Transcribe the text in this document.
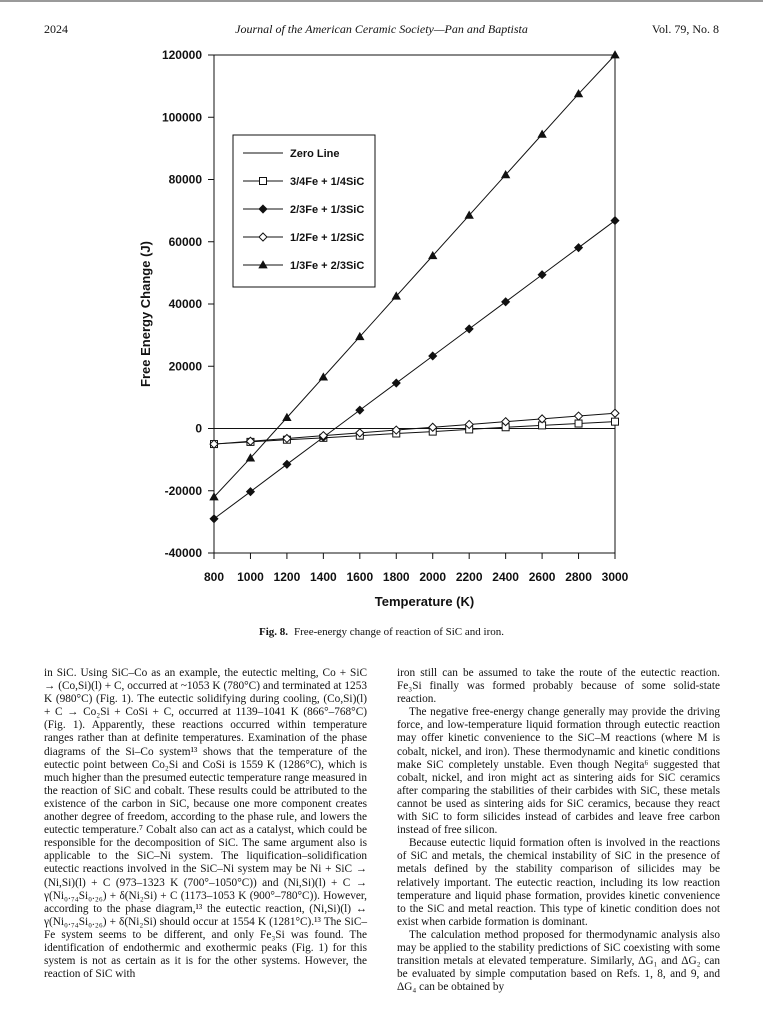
2024	Journal of the American Ceramic Society—Pan and Baptista	Vol. 79, No. 8
120000
100000
80000
60000
40000
20000
0
-20000
-40000
800 1000 1200 1400 1600 1800 2000 2200 2400 2600 2800 3000
Temperature (K)
Free Energy Change (J)
Zero Line
3/4Fe + 1/4SiC
2/3Fe + 1/3SiC
1/2Fe + 1/2SiC
1/3Fe + 2/3SiC
Fig. 8. Free-energy change of reaction of SiC and iron.

in SiC. Using SiC–Co as an example, the eutectic melting, Co + SiC → (Co,Si)(l) + C, occurred at ~1053 K (780°C) and terminated at 1253 K (980°C) (Fig. 1). The eutectic solidifying during cooling, (Co,Si)(l) + C → Co₂Si + CoSi + C, occurred at 1139–1041 K (866°–768°C) (Fig. 1). Apparently, these reactions occurred within temperature ranges rather than at definite temperatures. Examination of the phase diagrams of the Si–Co system¹³ shows that the temperature of the eutectic point between Co₂Si and CoSi is 1559 K (1286°C), which is much higher than the presumed eutectic temperature range measured in the reaction of SiC and cobalt. These results could be attributed to the existence of the carbon in SiC, because one more component creates another degree of freedom, according to the phase rule, and lowers the eutectic temperature.⁷ Cobalt also can act as a catalyst, which could be responsible for the decomposition of SiC. The same argument also is applicable to the SiC–Ni system. The liquification–solidification eutectic reactions involved in the SiC–Ni system may be Ni + SiC → (Ni,Si)(l) + C (973–1323 K (700°–1050°C)) and (Ni,Si)(l) + C → γ(Ni₀.₇₄Si₀.₂₆) + δ(Ni₂Si) + C (1173–1053 K (900°–780°C)). However, according to the phase diagram,¹³ the eutectic reaction, (Ni,Si)(l) ↔ γ(Ni₀.₇₄Si₀.₂₆) + δ(Ni₂Si) should occur at 1554 K (1281°C).¹³ The SiC–Fe system seems to be different, and only Fe₃Si was found. The identification of endothermic and exothermic peaks (Fig. 1) for this system is not as certain as it is for the other systems. However, the reaction of SiC with

iron still can be assumed to take the route of the eutectic reaction. Fe₃Si finally was formed probably because of some solid-state reaction.

The negative free-energy change generally may provide the driving force, and low-temperature liquid formation through eutectic reaction may offer kinetic convenience to the SiC–M reactions (where M is cobalt, nickel, and iron). These thermodynamic and kinetic conditions make SiC completely unstable. Even though Negita⁶ suggested that cobalt, nickel, and iron might act as sintering aids for SiC ceramics after comparing the stabilities of their carbides with SiC, these metals cannot be used as sintering aids for SiC ceramics, because they react with SiC to form silicides instead of carbides and leave free carbon instead of free silicon.

Because eutectic liquid formation often is involved in the reactions of SiC and metals, the chemical instability of SiC in the presence of metals defined by the stability comparison of silicides may be relatively important. The eutectic reaction, including its low reaction temperature and liquid phase formation, provides kinetic convenience to the SiC and metal reaction. This type of kinetic condition does not exist when carbide formation is dominant.

The calculation method proposed for thermodynamic analysis also may be applied to the stability predictions of SiC coexisting with some transition metals at elevated temperature. Similarly, ΔG₁ and ΔG₂ can be evaluated by simple computation based on Refs. 1, 8, and 9, and ΔG₄ can be obtained by
